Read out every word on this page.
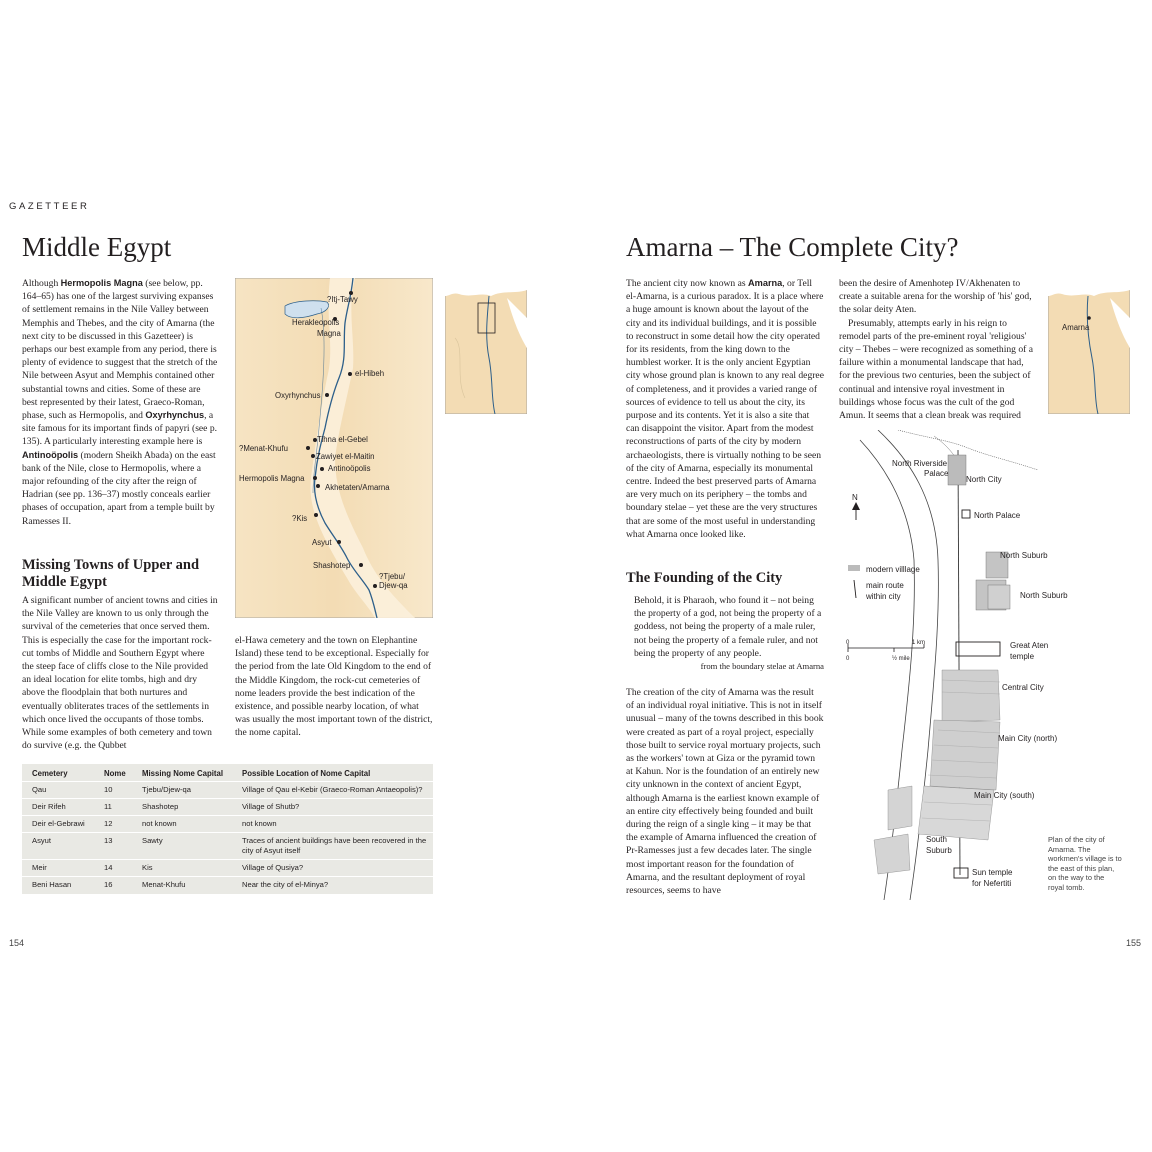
GAZETTEER
Middle Egypt
Although Hermopolis Magna (see below, pp. 164–65) has one of the largest surviving expanses of settlement remains in the Nile Valley between Memphis and Thebes, and the city of Amarna (the next city to be discussed in this Gazetteer) is perhaps our best example from any period, there is plenty of evidence to suggest that the stretch of the Nile between Asyut and Memphis contained other substantial towns and cities. Some of these are best represented by their latest, Graeco-Roman, phase, such as Hermopolis, and Oxyrhynchus, a site famous for its important finds of papyri (see p. 135). A particularly interesting example here is Antinoöpolis (modern Sheikh Abada) on the east bank of the Nile, close to Hermopolis, where a major refounding of the city after the reign of Hadrian (see pp. 136–37) mostly conceals earlier phases of occupation, apart from a temple built by Ramesses II.
Missing Towns of Upper and Middle Egypt
A significant number of ancient towns and cities in the Nile Valley are known to us only through the survival of the cemeteries that once served them. This is especially the case for the important rock-cut tombs of Middle and Southern Egypt where the steep face of cliffs close to the Nile provided an ideal location for elite tombs, high and dry above the floodplain that both nurtures and eventually obliterates traces of the settlements in which once lived the occupants of those tombs. While some examples of both cemetery and town do survive (e.g. the Qubbet
el-Hawa cemetery and the town on Elephantine Island) these tend to be exceptional. Especially for the period from the late Old Kingdom to the end of the Middle Kingdom, the rock-cut cemeteries of nome leaders provide the best indication of the existence, and possible nearby location, of what was usually the most important town of the district, the nome capital.
?Itj-Tawy
Herakleopolis
Magna
el-Hibeh
Oxyrhynchus
Tihna el-Gebel
?Menat-Khufu
Zawiyet el-Maitin
Antinoöpolis
Hermopolis Magna
Akhetaten/Amarna
?Kis
Asyut
Shashotep
?Tjebu/
Djew-qa
Cemetery	Nome	Missing Nome Capital	Possible Location of Nome Capital
Qau	10	Tjebu/Djew-qa	Village of Qau el-Kebir (Graeco-Roman Antaeopolis)?
Deir Rifeh	11	Shashotep	Village of Shutb?
Deir el-Gebrawi	12	not known	not known
Asyut	13	Sawty	Traces of ancient buildings have been recovered in the city of Asyut itself
Meir	14	Kis	Village of Qusiya?
Beni Hasan	16	Menat-Khufu	Near the city of el-Minya?
154
Amarna – The Complete City?
The ancient city now known as Amarna, or Tell el-Amarna, is a curious paradox. It is a place where a huge amount is known about the layout of the city and its individual buildings, and it is possible to reconstruct in some detail how the city operated for its residents, from the king down to the humblest worker. It is the only ancient Egyptian city whose ground plan is known to any real degree of completeness, and it provides a varied range of sources of evidence to tell us about the city, its purpose and its contents. Yet it is also a site that can disappoint the visitor. Apart from the modest reconstructions of parts of the city by modern archaeologists, there is virtually nothing to be seen of the city of Amarna, especially its monumental centre. Indeed the best preserved parts of Amarna are very much on its periphery – the tombs and boundary stelae – yet these are the very structures that are some of the most useful in understanding what Amarna once looked like.

been the desire of Amenhotep IV/Akhenaten to create a suitable arena for the worship of 'his' god, the solar deity Aten.

Presumably, attempts early in his reign to remodel parts of the pre-eminent royal 'religious' city – Thebes – were recognized as something of a failure within a monumental landscape that had, for the previous two centuries, been the subject of continual and intensive royal investment in buildings whose focus was the cult of the god Amun. It seems that a clean break was required

The Founding of the City

Behold, it is Pharaoh, who found it – not being the property of a god, not being the property of a goddess, not being the property of a male ruler, not being the property of a female ruler, and not being the property of any people.

from the boundary stelae at Amarna

The creation of the city of Amarna was the result of an individual royal initiative. This is not in itself unusual – many of the towns described in this book were created as part of a royal project, especially those built to service royal mortuary projects, such as the workers' town at Giza or the pyramid town at Kahun. Nor is the foundation of an entirely new city unknown in the context of ancient Egypt, although Amarna is the earliest known example of an entire city effectively being founded and built during the reign of a single king – it may be that the example of Amarna influenced the creation of Pr-Ramesses just a few decades later. The single most important reason for the foundation of Amarna, and the resultant deployment of royal resources, seems to have
Amarna
North Riverside
Palace
North City
North Palace
N
North Suburb
modern villlage
main route
within city	North Suburb
0	1 km
0	½ mile
Great Aten
temple
Central City
Main City (north)
Main City (south)
South
Suburb
Sun temple
for Nefertiti
Plan of the city of Amarna. The workmen's village is to the east of this plan, on the way to the royal tomb.
155
